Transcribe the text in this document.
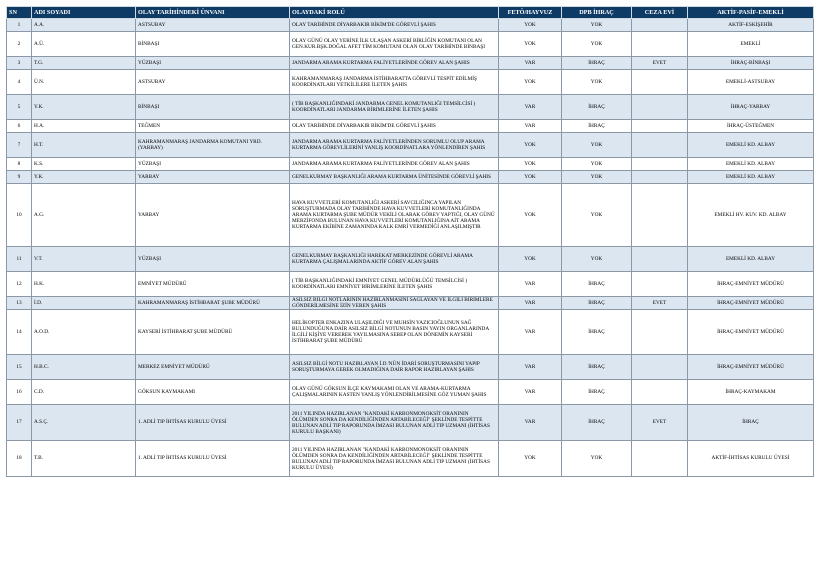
SN	ADI SOYADI	OLAY TARİHİNDEKİ ÜNVANI	OLAYDAKİ ROLÜ	FETÖ/HAYVUZ	DPB İHRAÇ	CEZA EVİ	AKTİF-PASİF-EMEKLİ
1	A.A.	ASTSUBAY	OLAY TARİHİNDE DİYARBAKIR BİKİM'DE GÖREVLİ ŞAHIS	YOK	YOK		AKTİF-ESKİŞEHİR
2	A.Ü.	BİNBAŞI	OLAY GÜNÜ OLAY YERİNE İLK ULAŞAN ASKERİ BİRLİĞİN KOMUTANI OLAN GEN.KUR.BŞK.DOĞAL AFET TİM KOMUTANI OLAN OLAY TARİHİNDE BİNBAŞI	YOK	YOK		EMEKLİ
3	T.G.	YÜZBAŞI	JANDARMA ARAMA KURTARMA FALİYETLERİNDE GÖREV ALAN ŞAHIS	VAR	İHRAÇ	EVET	İHRAÇ-BİNBAŞI
4	Ü.N.	ASTSUBAY	KAHRAMANMARAŞ JANDARMA İSTİHBARATTA GÖREVLİ TESPİT EDİLMİŞ KOORDİNATLARI YETKİLİLERE İLETEN ŞAHIS	YOK	YOK		EMEKLİ-ASTSUBAY
5	Y.K.	BİNBAŞI	( TİB BAŞKANLIĞINDAKİ JANDARMA GENEL KOMUTANLIĞI TEMSİLCİSİ ) KOORDİNATLARI JANDARMA BİRİMLERİNE İLETEN ŞAHIS	VAR	İHRAÇ		İHRAÇ-YARBAY
6	H.A.	TEĞMEN	OLAY TARİHİNDE DİYARBAKIR BİKİM'DE GÖREVLİ ŞAHIS	VAR	İHRAÇ		İHRAÇ-ÜSTEĞMEN
7	H.T.	KAHRAMANMARAŞ JANDARMA KOMUTANI YRD. (YARBAY)	JANDARMA ARAMA KURTARMA FALİYETLERİNDEN SORUMLU OLUP ARAMA KURTARMA GÖREVLİLERİNİ YANLIŞ KOORDİNATLARA YÖNLENDİREN ŞAHIS	YOK	YOK		EMEKLİ KD. ALBAY
8	K.S.	YÜZBAŞI	JANDARMA ARAMA KURTARMA FALİYETLERİNDE GÖREV ALAN ŞAHIS	YOK	YOK		EMEKLİ KD. ALBAY
9	Y.K.	YARBAY	GENELKURMAY BAŞKANLIĞI ARAMA KURTARMA ÜNİTESİNDE GÖREVLİ ŞAHIS	YOK	YOK		EMEKLİ KD. ALBAY
10	A.G.	YARBAY	HAVA KUVVETLERİ KOMUTANLIĞI ASKERİ SAVCILIĞINCA YAPILAN SORUŞTURMADA OLAY TARİHİNDE HAVA KUVVETLERİ KOMUTANLIĞINDA ARAMA KURTARMA ŞUBE MÜDÜR VEKİLİ OLARAK GÖREV YAPTIĞI, OLAY GÜNÜ MERZİFONDA BULUNAN HAVA KUVVETLERİ KOMUTANLIĞINA AİT ARAMA KURTARMA EKİBİNE ZAMANINDA KALK EMRİ VERMEDİĞİ ANLAŞILMIŞTIR	YOK	YOK		EMEKLİ HV. KUV. KD. ALBAY
11	V.T.	YÜZBAŞI	GENELKURMAY BAŞKANLIĞI HAREKAT MERKEZİNDE GÖREVLİ ARAMA KURTARMA ÇALIŞMALARINDA AKTİF GÖREV ALAN ŞAHIS	YOK	YOK		EMEKLİ KD. ALBAY
12	H.K.	EMNİYET MÜDÜRÜ	( TİB BAŞKANLIĞINDAKİ EMNİYET GENEL MÜDÜRLÜĞÜ TEMSİLCİSİ ) KOORDİNATLARI EMNİYET BİRİMLERİNE İLETEN ŞAHIS	VAR	İHRAÇ		İHRAÇ-EMNİYET MÜDÜRÜ
13	İ.D.	KAHRAMANMARAŞ İSTİHBARAT ŞUBE MÜDÜRÜ	ASILSIZ BİLGİ NOTLARININ HAZIRLANMASINI SAĞLAYAN VE İLGİLİ BİRİMLERE GÖNDERİLMESİNE İZİN VEREN ŞAHIS	VAR	İHRAÇ	EVET	İHRAÇ-EMNİYET MÜDÜRÜ
14	A.O.D.	KAYSERİ İSTİHBARAT ŞUBE MÜDÜRÜ	HELİKOPTER ENKAZINA ULAŞILDIĞI VE MUHSİN YAZICIOĞLUNUN SAĞ BULUNDUĞUNA DAİR ASILSIZ BİLGİ NOTUNUN BASIN YAYIN ORGANLARINDA İLGİLİ KİŞİYE VEREREK YAYILMASINA SEBEP OLAN DÖNEMİN KAYSERİ İSTİHBARAT ŞUBE MÜDÜRÜ	VAR	İHRAÇ		İHRAÇ-EMNİYET MÜDÜRÜ
15	H.B.C.	MERKEZ EMNİYET MÜDÜRÜ	ASILSIZ BİLGİ NOTU HAZIRLAYAN İ.D.'NÜN İDARİ SORUŞTURMASINI YAPIP SORUŞTURMAYA GEREK OLMADIĞINA DAİR RAPOR HAZIRLAYAN ŞAHIS	VAR	İHRAÇ		İHRAÇ-EMNİYET MÜDÜRÜ
16	C.D.	GÖKSUN KAYMAKAMI	OLAY GÜNÜ GÖKSUN İLÇE KAYMAKAMI OLAN VE ARAMA-KURTARMA ÇALIŞMALARININ KASTEN YANLIŞ YÖNLENDİRİLMESİNE GÖZ YUMAN ŞAHIS	VAR	İHRAÇ		İHRAÇ-KAYMAKAM
17	A.S.Ç.	1. ADLİ TIP İHTİSAS KURULU ÜYESİ	2011 YILINDA HAZIRLANAN "KANDAKİ KARBONMONOKSİT ORANININ ÖLÜMDEN SONRA DA KENDİLİĞİNDEN ARTABİLECEĞİ" ŞEKLİNDE TESPİTTE BULUNAN ADLİ TIP RAPORUNDA İMZASI BULUNAN ADLİ TIP UZMANI (İHTİSAS KURULU BAŞKANI)	VAR	İHRAÇ	EVET	İHRAÇ
18	T.B.	1. ADLİ TIP İHTİSAS KURULU ÜYESİ	2011 YILINDA HAZIRLANAN "KANDAKİ KARBONMONOKSİT ORANININ ÖLÜMDEN SONRA DA KENDİLİĞİNDEN ARTABİLECEĞİ" ŞEKLİNDE TESPİTTE BULUNAN ADLİ TIP RAPORUNDA İMZASI BULUNAN ADLİ TIP UZMANI (İHTİSAS KURULU ÜYESİ)	YOK	YOK		AKTİF-İHTİSAS KURULU ÜYESİ
